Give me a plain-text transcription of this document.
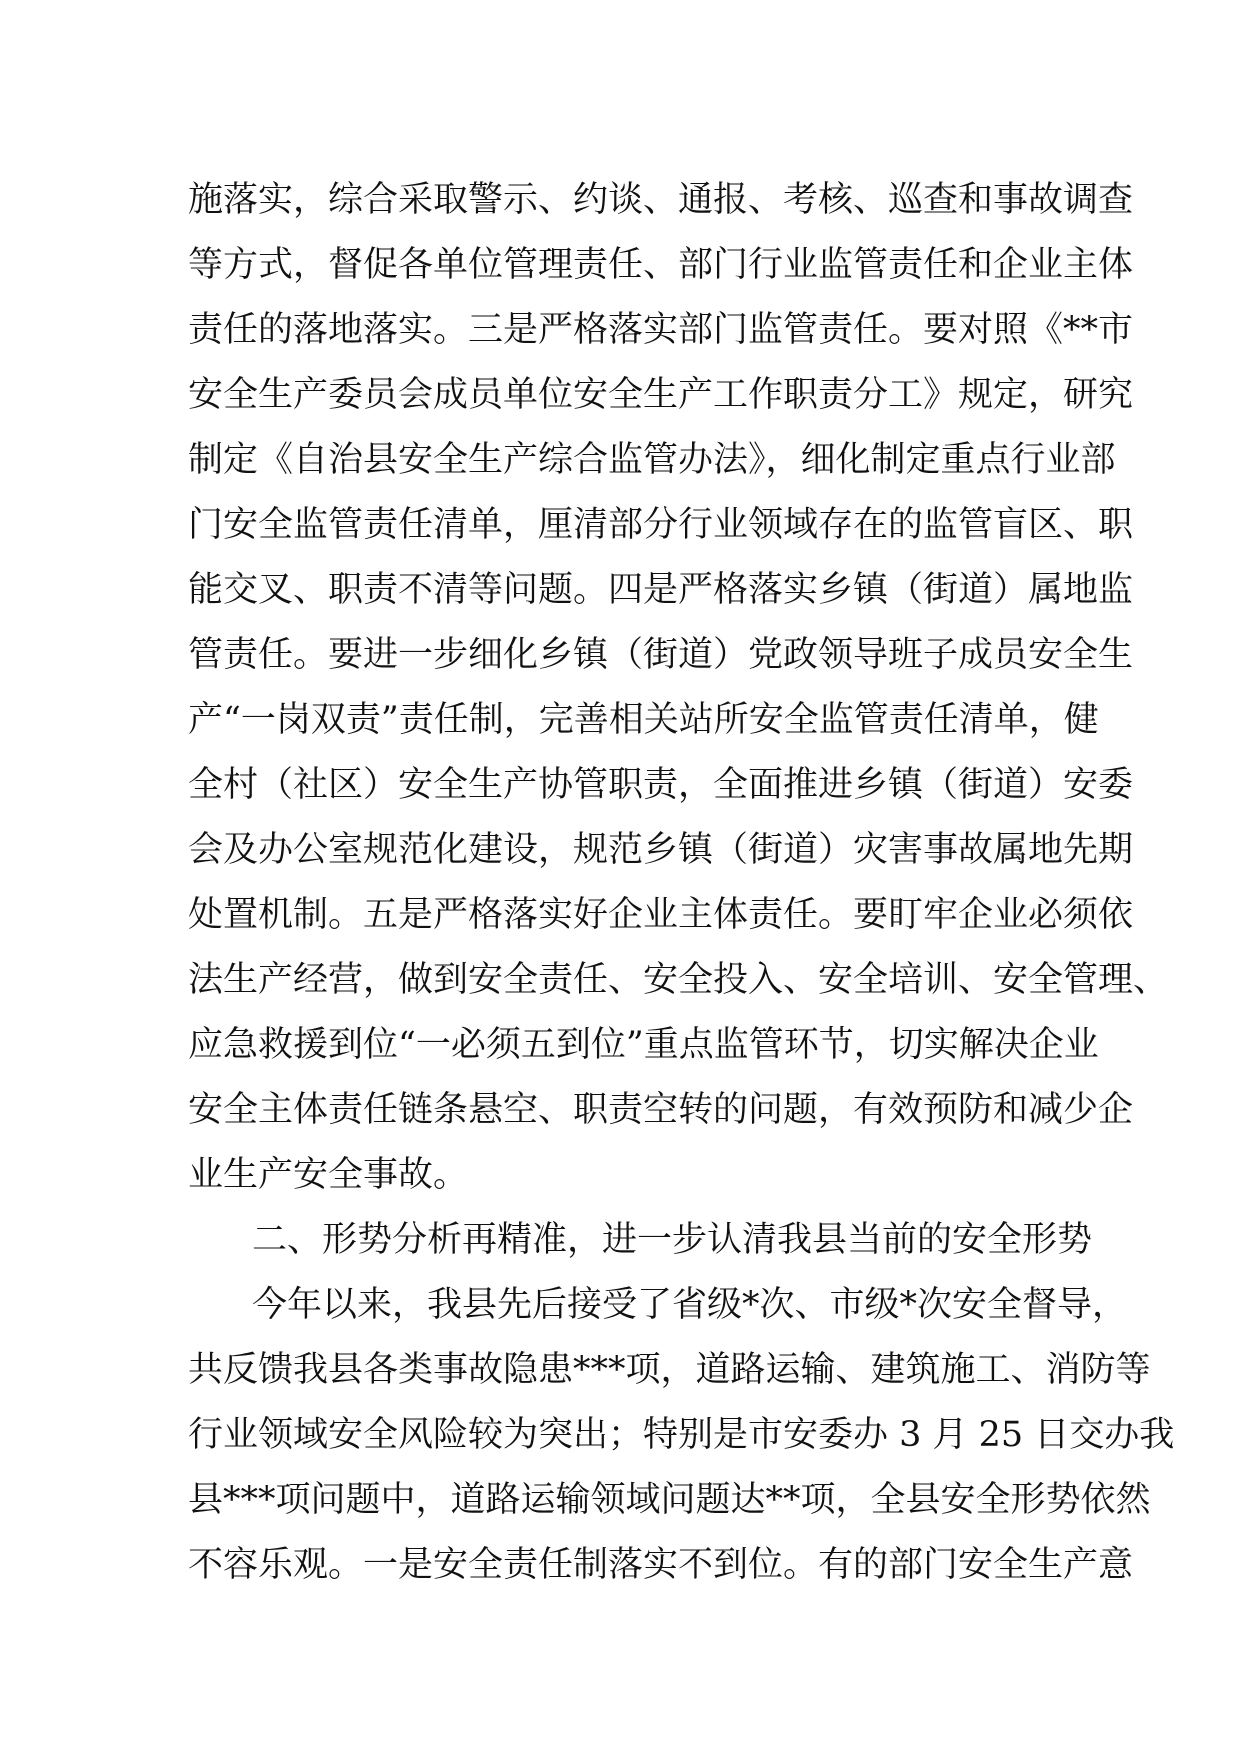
施落实，综合采取警示、约谈、通报、考核、巡查和事故调查
等方式，督促各单位管理责任、部门行业监管责任和企业主体
责任的落地落实。三是严格落实部门监管责任。要对照《**市
安全生产委员会成员单位安全生产工作职责分工》规定，研究
制定《自治县安全生产综合监管办法》，细化制定重点行业部
门安全监管责任清单，厘清部分行业领域存在的监管盲区、职
能交叉、职责不清等问题。四是严格落实乡镇（街道）属地监
管责任。要进一步细化乡镇（街道）党政领导班子成员安全生
产“一岗双责”责任制，完善相关站所安全监管责任清单，健
全村（社区）安全生产协管职责，全面推进乡镇（街道）安委
会及办公室规范化建设，规范乡镇（街道）灾害事故属地先期
处置机制。五是严格落实好企业主体责任。要盯牢企业必须依
法生产经营，做到安全责任、安全投入、安全培训、安全管理、
应急救援到位“一必须五到位”重点监管环节，切实解决企业
安全主体责任链条悬空、职责空转的问题，有效预防和减少企
业生产安全事故。
二、形势分析再精准，进一步认清我县当前的安全形势
今年以来，我县先后接受了省级*次、市级*次安全督导，
共反馈我县各类事故隐患***项，道路运输、建筑施工、消防等
行业领域安全风险较为突出；特别是市安委办 3 月 25 日交办我
县***项问题中，道路运输领域问题达**项，全县安全形势依然
不容乐观。一是安全责任制落实不到位。有的部门安全生产意
